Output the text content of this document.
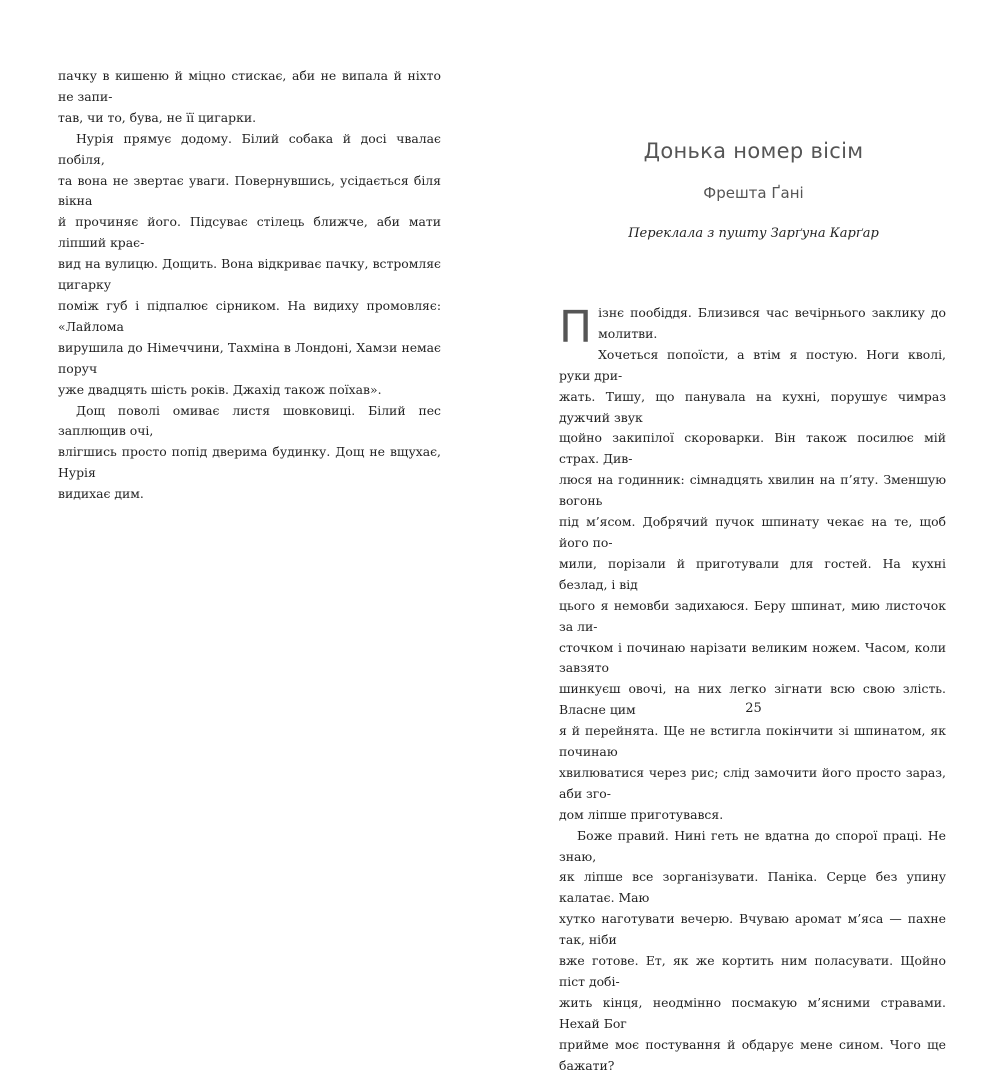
пачку в кишеню й міцно стискає, аби не випала й ніхто не запи-
тав, чи то, бува, не її цигарки.

Нурія прямує додому. Білий собака й досі чвалає побіля,
та вона не звертає уваги. Повернувшись, усідається біля вікна
й прочиняє його. Підсуває стілець ближче, аби мати ліпший крає-
вид на вулицю. Дощить. Вона відкриває пачку, встромляє цигарку
поміж губ і підпалює сірником. На видиху промовляє: «Лайлома
вирушила до Німеччини, Тахміна в Лондоні, Хамзи немає поруч
уже двадцять шість років. Джахід також поїхав».

Дощ поволі омиває листя шовковиці. Білий пес заплющив очі,
влігшись просто попід дверима будинку. Дощ не вщухає, Нурія
видихає дим.

Донька номер вісім
Фрешта Ґані
Переклала з пушту Зарґуна Карґар

П ізнє пообіддя. Близився час вечірнього заклику до молитви.
Хочеться попоїсти, а втім я постую. Ноги кволі, руки дри-
жать. Тишу, що панувала на кухні, порушує чимраз дужчий звук
щойно закипілої скороварки. Він також посилює мій страх. Див-
люся на годинник: сімнадцять хвилин на п’яту. Зменшую вогонь
під м’ясом. Добрячий пучок шпинату чекає на те, щоб його по-
мили, порізали й приготували для гостей. На кухні безлад, і від
цього я немовби задихаюся. Беру шпинат, мию листочок за ли-
сточком і починаю нарізати великим ножем. Часом, коли завзято
шинкуєш овочі, на них легко зігнати всю свою злість. Власне цим
я й перейнята. Ще не встигла покінчити зі шпинатом, як починаю
хвилюватися через рис; слід замочити його просто зараз, аби зго-
дом ліпше приготувався.

Боже правий. Нині геть не вдатна до спорої праці. Не знаю,
як ліпше все зорганізувати. Паніка. Серце без упину калатає. Маю
хутко наготувати вечерю. Вчуваю аромат м’яса — пахне так, ніби
вже готове. Ет, як же кортить ним поласувати. Щойно піст добі-
жить кінця, неодмінно посмакую м’ясними стравами. Нехай Бог
прийме моє постування й обдарує мене сином. Чого ще бажати?

25
